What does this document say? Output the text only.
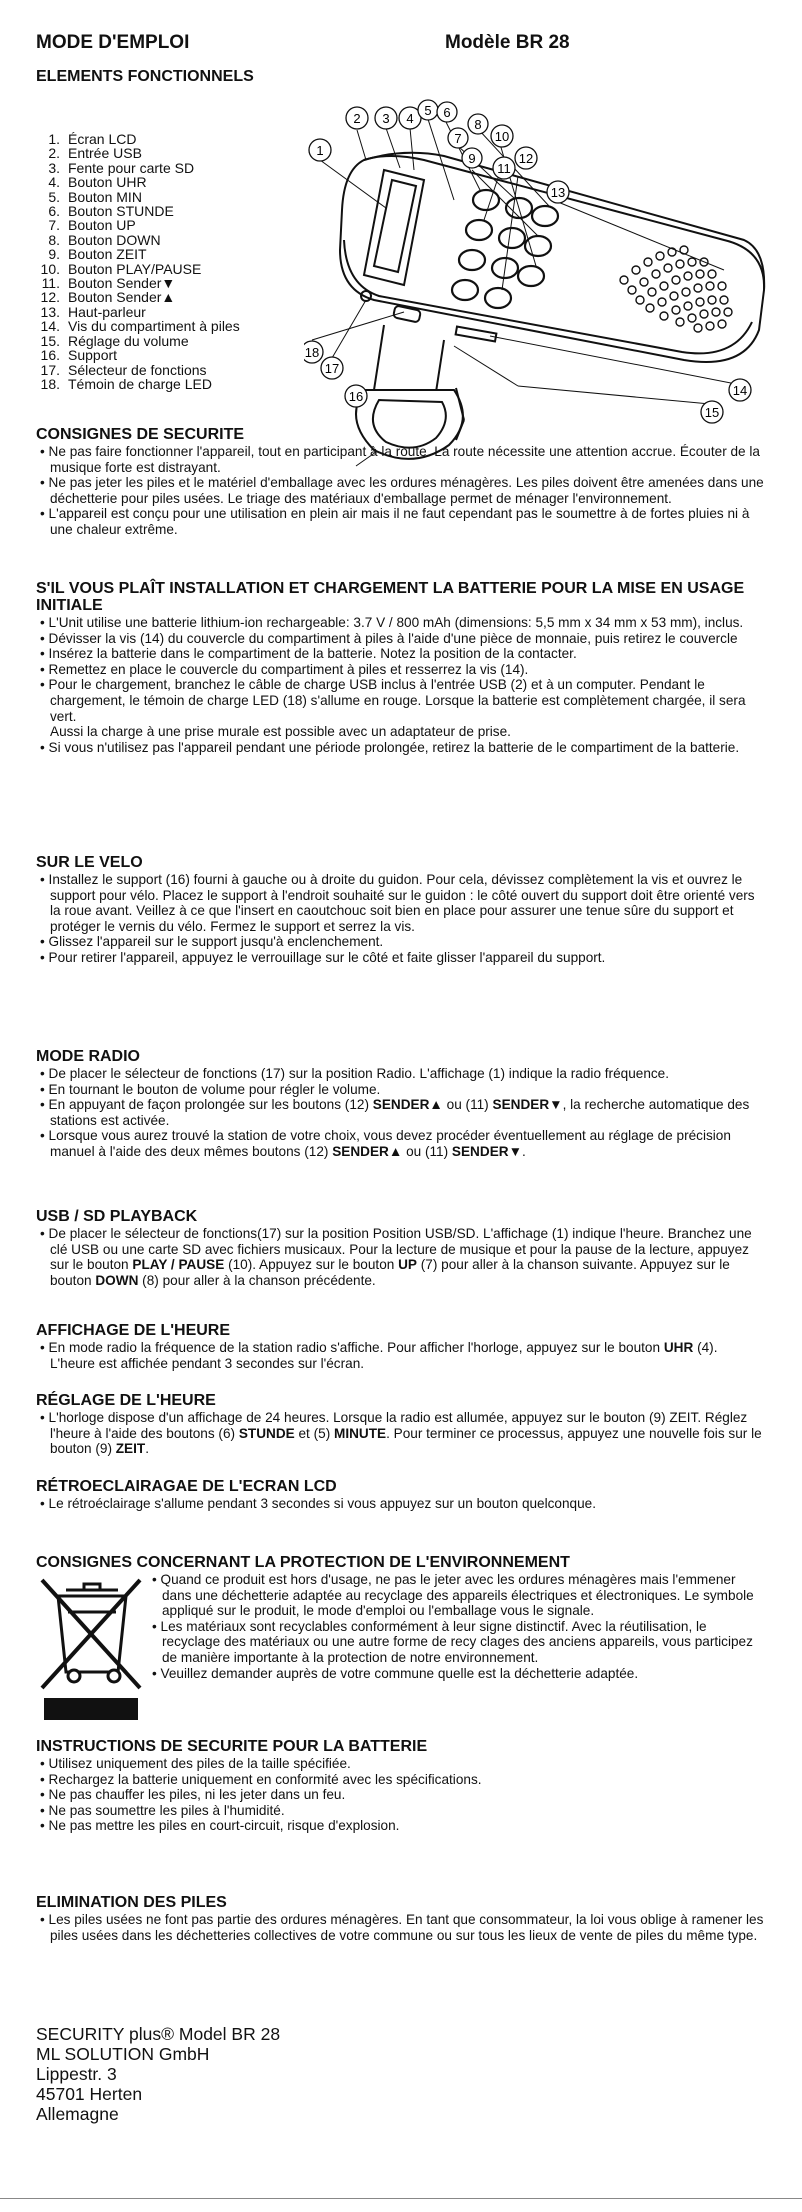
MODE D'EMPLOI	Modèle BR 28
ELEMENTS FONCTIONNELS
1. Écran LCD
2. Entrée USB
3. Fente pour carte SD
4. Bouton UHR
5. Bouton MIN
6. Bouton STUNDE
7. Bouton UP
8. Bouton DOWN
9. Bouton ZEIT
10. Bouton PLAY/PAUSE
11. Bouton Sender▼
12. Bouton Sender▲
13. Haut-parleur
14. Vis du compartiment à piles
15. Réglage du volume
16. Support
17. Sélecteur de fonctions
18. Témoin de charge LED
1
2 3 4
5 6
7
8
9
10
11
12
13
14
15
16
17
18
CONSIGNES DE SECURITE
• Ne pas faire fonctionner l'appareil, tout en participant à la route. La route nécessite une attention accrue. Écouter de la musique forte est distrayant.
• Ne pas jeter les piles et le matériel d'emballage avec les ordures ménagères. Les piles doivent être amenées dans une déchetterie pour piles usées. Le triage des matériaux d'emballage permet de ménager l'environnement.
• L'appareil est conçu pour une utilisation en plein air mais il ne faut cependant pas le soumettre à de fortes pluies ni à une chaleur extrême.
S'IL VOUS PLAÎT INSTALLATION ET CHARGEMENT LA BATTERIE POUR LA MISE EN USAGE INITIALE
• L'Unit utilise une batterie lithium-ion rechargeable: 3.7 V / 800 mAh (dimensions: 5,5 mm x 34 mm x 53 mm), inclus.
• Dévisser la vis (14) du couvercle du compartiment à piles à l'aide d'une pièce de monnaie, puis retirez le couvercle
• Insérez la batterie dans le compartiment de la batterie. Notez la position de la contacter.
• Remettez en place le couvercle du compartiment à piles et resserrez la vis (14).
• Pour le chargement, branchez le câble de charge USB inclus à l'entrée USB (2) et à un computer. Pendant le chargement, le témoin de charge LED (18) s'allume en rouge. Lorsque la batterie est complètement chargée, il sera vert.
Aussi la charge à une prise murale est possible avec un adaptateur de prise.
• Si vous n'utilisez pas l'appareil pendant une période prolongée, retirez la batterie de le compartiment de la batterie.
SUR LE VELO
• Installez le support (16) fourni à gauche ou à droite du guidon. Pour cela, dévissez complètement la vis et ouvrez le support pour vélo. Placez le support à l'endroit souhaité sur le guidon : le côté ouvert du support doit être orienté vers la roue avant. Veillez à ce que l'insert en caoutchouc soit bien en place pour assurer une tenue sûre du support et protéger le vernis du vélo. Fermez le support et serrez la vis.
• Glissez l'appareil sur le support jusqu'à enclenchement.
• Pour retirer l'appareil, appuyez le verrouillage sur le côté et faite glisser l'appareil du support.
MODE RADIO
• De placer le sélecteur de fonctions (17) sur la position Radio. L'affichage (1) indique la radio fréquence.
• En tournant le bouton de volume pour régler le volume.
• En appuyant de façon prolongée sur les boutons (12) SENDER▲ ou (11) SENDER▼, la recherche automatique des stations est activée.
• Lorsque vous aurez trouvé la station de votre choix, vous devez procéder éventuellement au réglage de précision manuel à l'aide des deux mêmes boutons (12) SENDER▲ ou (11) SENDER▼.
USB / SD PLAYBACK
• De placer le sélecteur de fonctions(17) sur la position Position USB/SD. L'affichage (1) indique l'heure. Branchez une clé USB ou une carte SD avec fichiers musicaux. Pour la lecture de musique et pour la pause de la lecture, appuyez sur le bouton PLAY / PAUSE (10). Appuyez sur le bouton UP (7) pour aller à la chanson suivante. Appuyez sur le bouton DOWN (8) pour aller à la chanson précédente.
AFFICHAGE DE L'HEURE
• En mode radio la fréquence de la station radio s'affiche. Pour afficher l'horloge, appuyez sur le bouton UHR (4). L'heure est affichée pendant 3 secondes sur l'écran.
RÉGLAGE DE L'HEURE
• L'horloge dispose d'un affichage de 24 heures. Lorsque la radio est allumée, appuyez sur le bouton (9) ZEIT. Réglez l'heure à l'aide des boutons (6) STUNDE et (5) MINUTE. Pour terminer ce processus, appuyez une nouvelle fois sur le bouton (9) ZEIT.
RÉTROECLAIRAGAE DE L'ECRAN LCD
• Le rétroéclairage s'allume pendant 3 secondes si vous appuyez sur un bouton quelconque.
CONSIGNES CONCERNANT LA PROTECTION DE L'ENVIRONNEMENT
• Quand ce produit est hors d'usage, ne pas le jeter avec les ordures ménagères mais l'emmener dans une déchetterie adaptée au recyclage des appareils électriques et électroniques. Le symbole appliqué sur le produit, le mode d'emploi ou l'emballage vous le signale.
• Les matériaux sont recyclables conformément à leur signe distinctif. Avec la réutilisation, le recyclage des matériaux ou une autre forme de recy clages des anciens appareils, vous participez de manière importante à la protection de notre environnement.
• Veuillez demander auprès de votre commune quelle est la déchetterie adaptée.
INSTRUCTIONS DE SECURITE POUR LA BATTERIE
• Utilisez uniquement des piles de la taille spécifiée.
• Rechargez la batterie uniquement en conformité avec les spécifications.
• Ne pas chauffer les piles, ni les jeter dans un feu.
• Ne pas soumettre les piles à l'humidité.
• Ne pas mettre les piles en court-circuit, risque d'explosion.
ELIMINATION DES PILES
• Les piles usées ne font pas partie des ordures ménagères. En tant que consommateur, la loi vous oblige à ramener les piles usées dans les déchetteries collectives de votre commune ou sur tous les lieux de vente de piles du même type.
SECURITY plus® Model BR 28
ML SOLUTION GmbH
Lippestr. 3
45701 Herten
Allemagne
